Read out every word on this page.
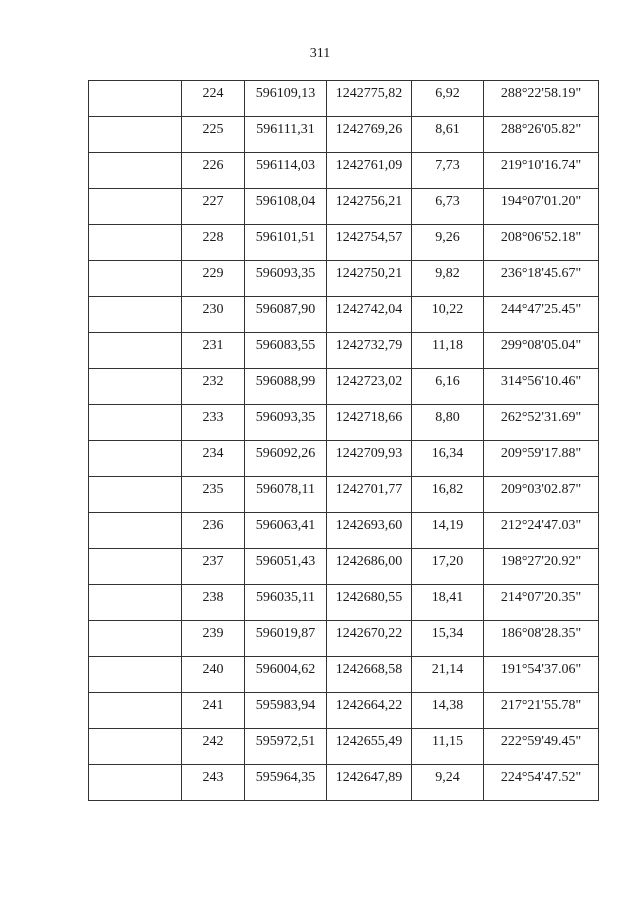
311
	224	596109,13	1242775,82	6,92	288°22'58.19"
	225	596111,31	1242769,26	8,61	288°26'05.82"
	226	596114,03	1242761,09	7,73	219°10'16.74"
	227	596108,04	1242756,21	6,73	194°07'01.20"
	228	596101,51	1242754,57	9,26	208°06'52.18"
	229	596093,35	1242750,21	9,82	236°18'45.67"
	230	596087,90	1242742,04	10,22	244°47'25.45"
	231	596083,55	1242732,79	11,18	299°08'05.04"
	232	596088,99	1242723,02	6,16	314°56'10.46"
	233	596093,35	1242718,66	8,80	262°52'31.69"
	234	596092,26	1242709,93	16,34	209°59'17.88"
	235	596078,11	1242701,77	16,82	209°03'02.87"
	236	596063,41	1242693,60	14,19	212°24'47.03"
	237	596051,43	1242686,00	17,20	198°27'20.92"
	238	596035,11	1242680,55	18,41	214°07'20.35"
	239	596019,87	1242670,22	15,34	186°08'28.35"
	240	596004,62	1242668,58	21,14	191°54'37.06"
	241	595983,94	1242664,22	14,38	217°21'55.78"
	242	595972,51	1242655,49	11,15	222°59'49.45"
	243	595964,35	1242647,89	9,24	224°54'47.52"
